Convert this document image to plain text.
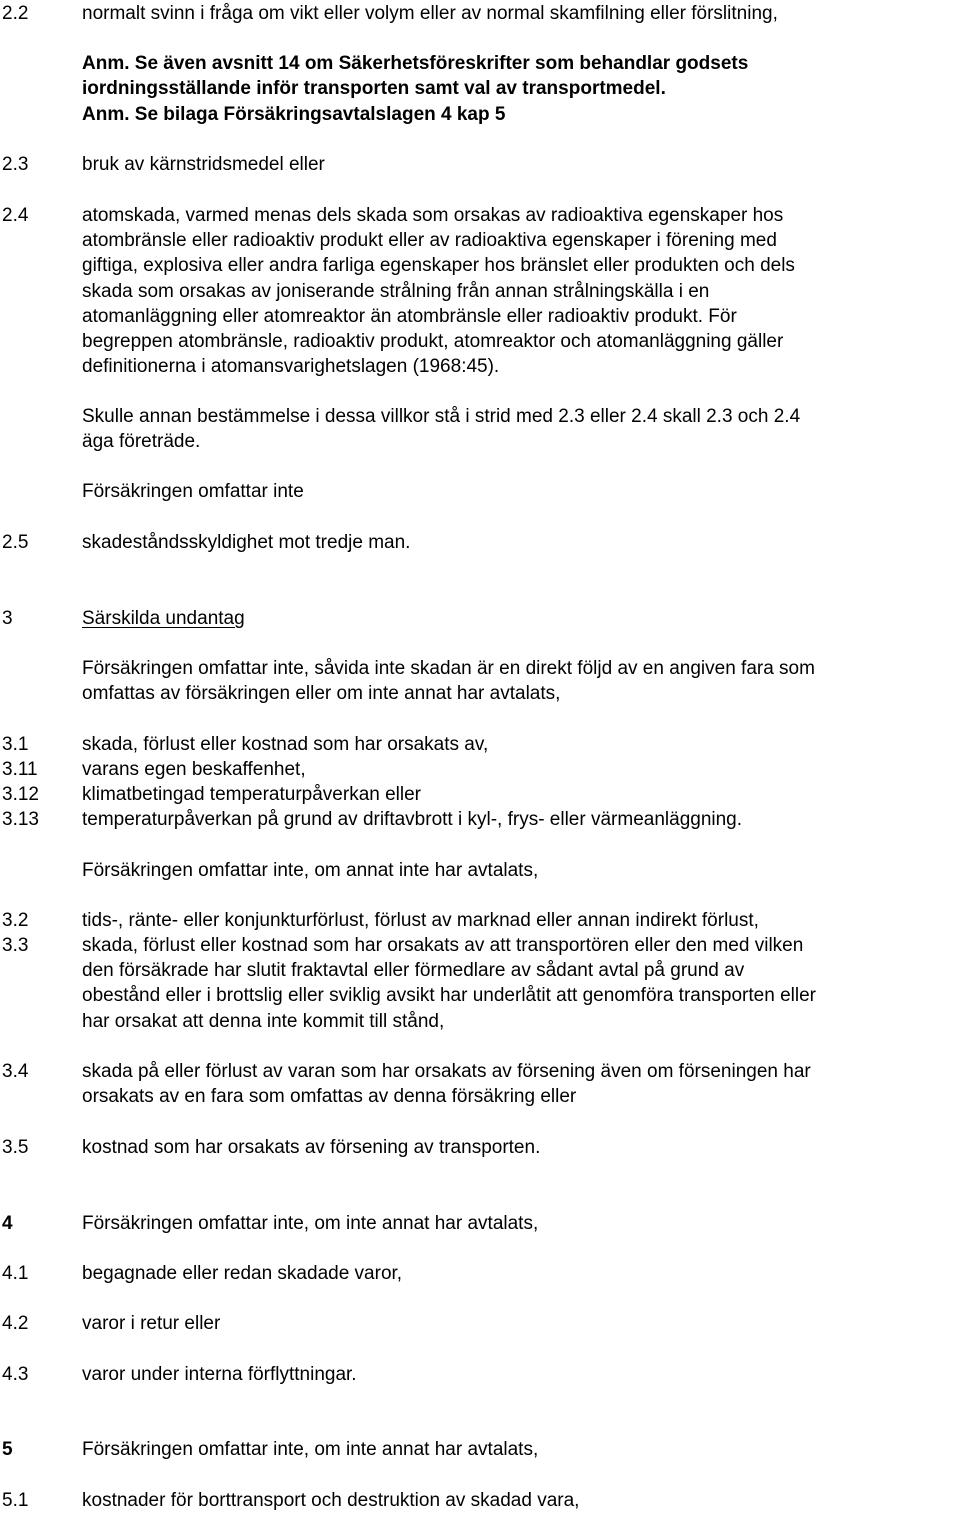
2.2	normalt svinn i fråga om vikt eller volym eller av normal skamfilning eller förslitning,

Anm. Se även avsnitt 14 om Säkerhetsföreskrifter som behandlar godsets

iordningsställande inför transporten samt val av transportmedel.

Anm. Se bilaga Försäkringsavtalslagen 4 kap 5

2.3	bruk av kärnstridsmedel eller

2.4	atomskada, varmed menas dels skada som orsakas av radioaktiva egenskaper hos

atombränsle eller radioaktiv produkt eller av radioaktiva egenskaper i förening med

giftiga, explosiva eller andra farliga egenskaper hos bränslet eller produkten och dels

skada som orsakas av joniserande strålning från annan strålningskälla i en

atomanläggning eller atomreaktor än atombränsle eller radioaktiv produkt. För

begreppen atombränsle, radioaktiv produkt, atomreaktor och atomanläggning gäller

definitionerna i atomansvarighetslagen (1968:45).

Skulle annan bestämmelse i dessa villkor stå i strid med 2.3 eller 2.4 skall 2.3 och 2.4

äga företräde.

Försäkringen omfattar inte

2.5	skadeståndsskyldighet mot tredje man.

3	Särskilda undantag

Försäkringen omfattar inte, såvida inte skadan är en direkt följd av en angiven fara som

omfattas av försäkringen eller om inte annat har avtalats,

3.1	skada, förlust eller kostnad som har orsakats av,

3.11 varans egen beskaffenhet,

3.12 klimatbetingad temperaturpåverkan eller

3.13 temperaturpåverkan på grund av driftavbrott i kyl-, frys- eller värmeanläggning.

Försäkringen omfattar inte, om annat inte har avtalats,

3.2	tids-, ränte- eller konjunkturförlust, förlust av marknad eller annan indirekt förlust,

3.3	skada, förlust eller kostnad som har orsakats av att transportören eller den med vilken

den försäkrade har slutit fraktavtal eller förmedlare av sådant avtal på grund av

obestånd eller i brottslig eller sviklig avsikt har underlåtit att genomföra transporten eller

har orsakat att denna inte kommit till stånd,

3.4	skada på eller förlust av varan som har orsakats av försening även om förseningen har

orsakats av en fara som omfattas av denna försäkring eller

3.5	kostnad som har orsakats av försening av transporten.

4	Försäkringen omfattar inte, om inte annat har avtalats,

4.1	begagnade eller redan skadade varor,

4.2	varor i retur eller

4.3	varor under interna förflyttningar.

5	Försäkringen omfattar inte, om inte annat har avtalats,

5.1	kostnader för borttransport och destruktion av skadad vara,
